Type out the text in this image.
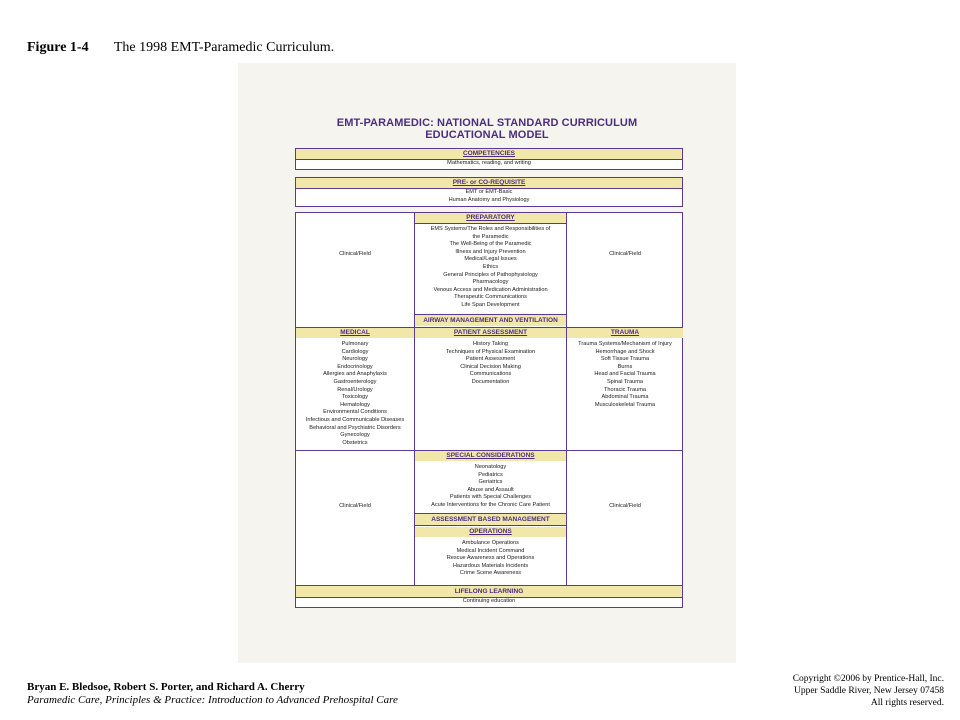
Figure 1-4 The 1998 EMT-Paramedic Curriculum.
EMT-PARAMEDIC: NATIONAL STANDARD CURRICULUM
EDUCATIONAL MODEL
COMPETENCIES
Mathematics, reading, and writing
PRE- or CO-REQUISITE
EMT or EMT-Basic
Human Anatomy and Physiology
Clinical/Field	Clinical/Field
PREPARATORY
EMS Systems/The Roles and Responsibilities of
the Paramedic
The Well-Being of the Paramedic
Illness and Injury Prevention
Medical/Legal Issues
Ethics
General Principles of Pathophysiology
Pharmacology
Venous Access and Medication Administration
Therapeutic Communications
Life Span Development
AIRWAY MANAGEMENT AND VENTILATION
MEDICAL
Pulmonary
Cardiology
Neurology
Endocrinology
Allergies and Anaphylaxis
Gastroenterology
Renal/Urology
Toxicology
Hematology
Environmental Conditions
Infectious and Communicable Diseases
Behavioral and Psychiatric Disorders
Gynecology
Obstetrics
PATIENT ASSESSMENT
History Taking
Techniques of Physical Examination
Patient Assessment
Clinical Decision Making
Communications
Documentation
TRAUMA
Trauma Systems/Mechanism of Injury
Hemorrhage and Shock
Soft Tissue Trauma
Burns
Head and Facial Trauma
Spinal Trauma
Thoracic Trauma
Abdominal Trauma
Musculoskeletal Trauma
Clinical/Field	Clinical/Field
SPECIAL CONSIDERATIONS
Neonatology
Pediatrics
Geriatrics
Abuse and Assault
Patients with Special Challenges
Acute Interventions for the Chronic Care Patient
ASSESSMENT BASED MANAGEMENT
OPERATIONS
Ambulance Operations
Medical Incident Command
Rescue Awareness and Operations
Hazardous Materials Incidents
Crime Scene Awareness
LIFELONG LEARNING
Continuing education
Bryan E. Bledsoe, Robert S. Porter, and Richard A. Cherry
Paramedic Care, Principles & Practice: Introduction to Advanced Prehospital Care
Copyright ©2006 by Prentice-Hall, Inc.
Upper Saddle River, New Jersey 07458
All rights reserved.
